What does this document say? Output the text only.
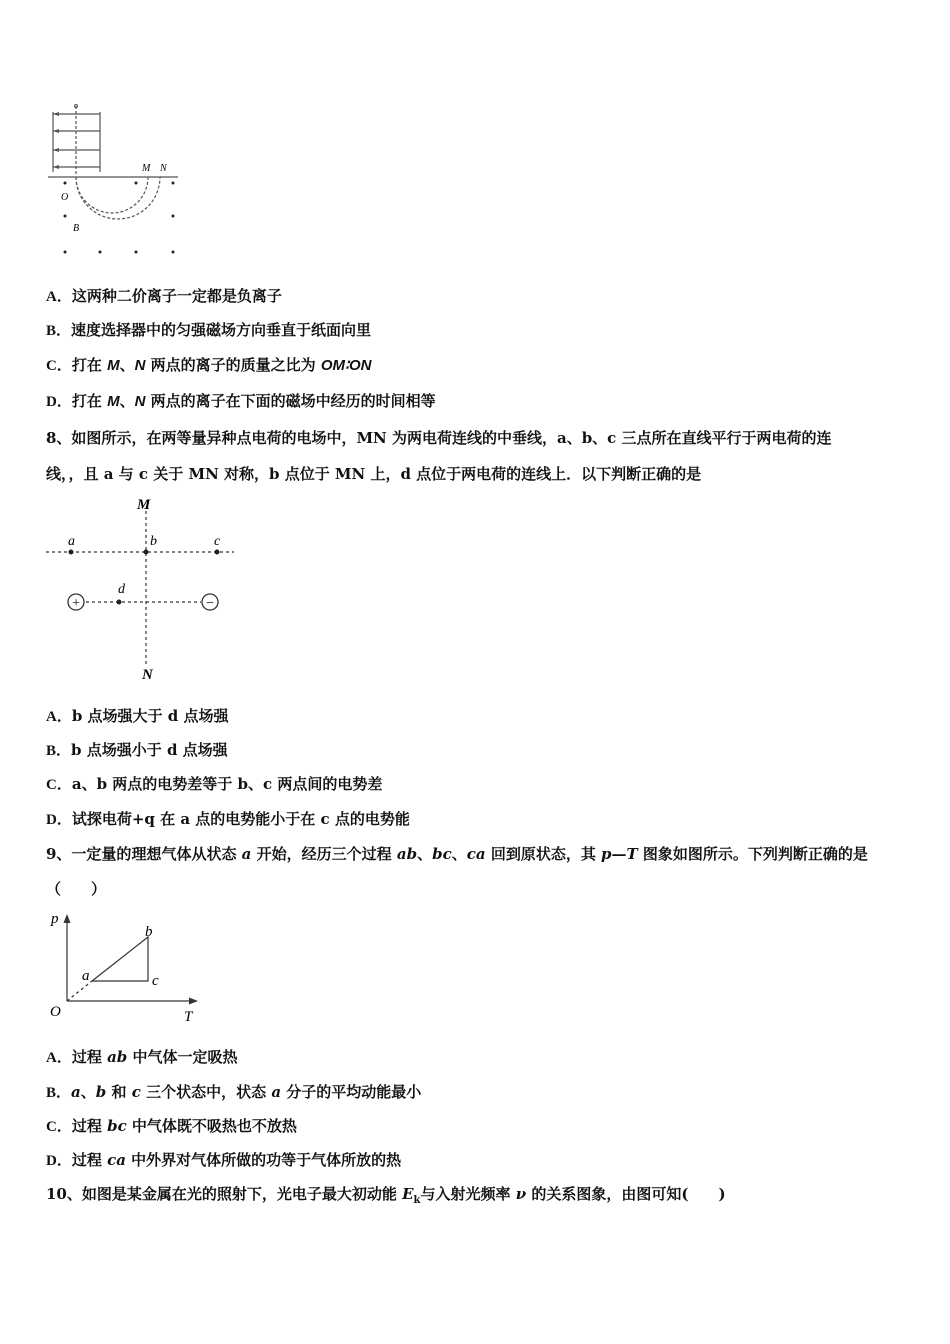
O
B
M N
A．这两种二价离子一定都是负离子
B．速度选择器中的匀强磁场方向垂直于纸面向里
C．打在 M、N 两点的离子的质量之比为 OM∶ON
D．打在 M、N 两点的离子在下面的磁场中经历的时间相等
8、如图所示，在两等量异种点电荷的电场中，MN 为两电荷连线的中垂线，a、b、c 三点所在直线平行于两电荷的连
线，，且 a 与 c 关于 MN 对称，b 点位于 MN 上，d 点位于两电荷的连线上．以下判断正确的是
+	−
M
N
a	b	c
d
A．b 点场强大于 d 点场强
B．b 点场强小于 d 点场强
C．a、b 两点的电势差等于 b、c 两点间的电势差
D．试探电荷+q 在 a 点的电势能小于在 c 点的电势能
9、一定量的理想气体从状态 a 开始，经历三个过程 ab、bc、ca 回到原状态，其 p—T 图象如图所示。下列判断正确的是
（　　）
p
T
O
a
b
c
A．过程 ab 中气体一定吸热
B．a、b 和 c 三个状态中，状态 a 分子的平均动能最小
C．过程 bc 中气体既不吸热也不放热
D．过程 ca 中外界对气体所做的功等于气体所放的热
10、如图是某金属在光的照射下，光电子最大初动能 $E_k$与入射光频率 ν 的关系图象，由图可知(　　)
